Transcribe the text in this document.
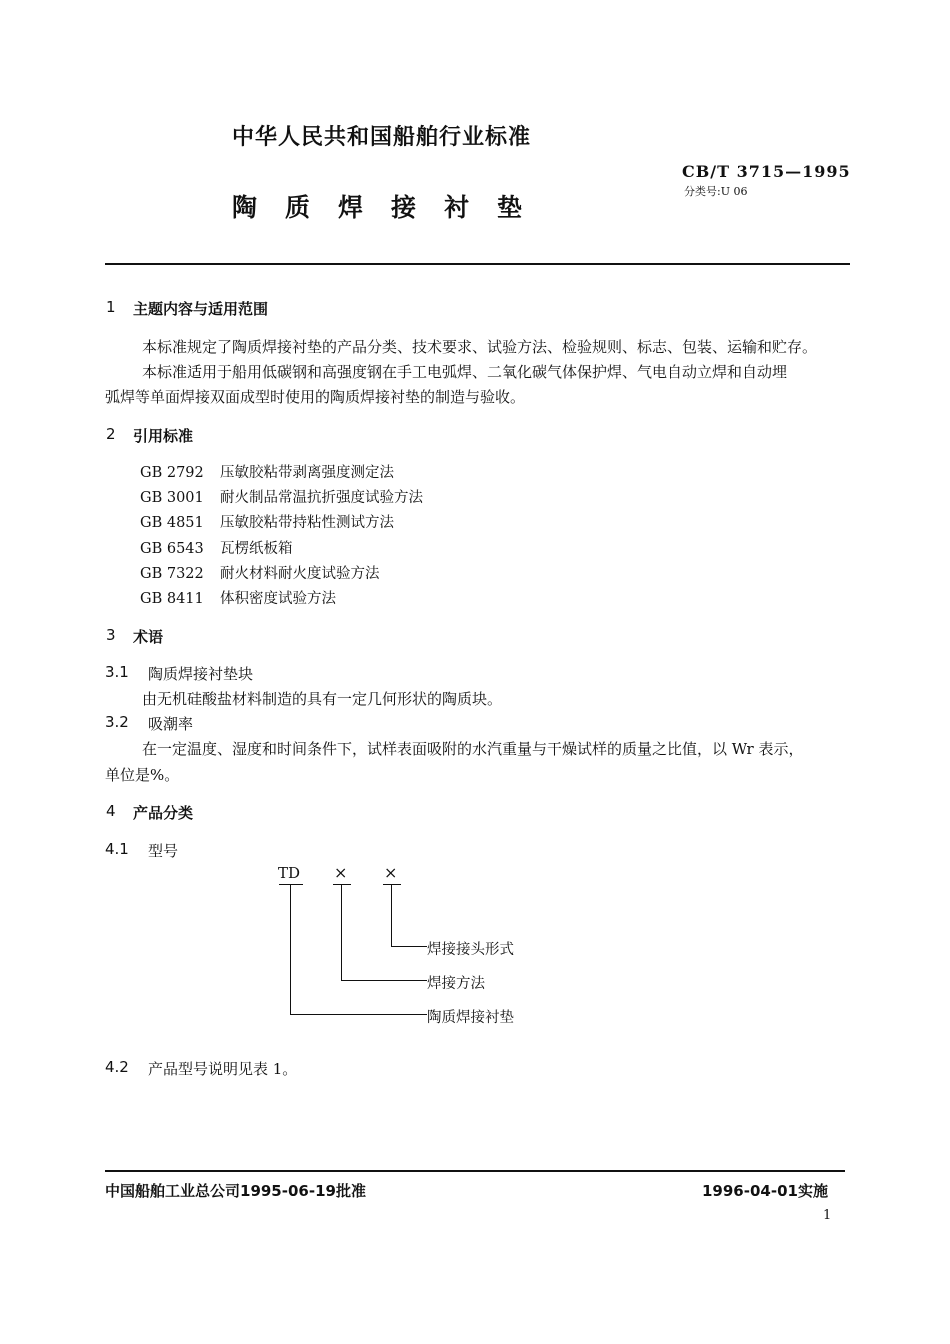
中华人民共和国船舶行业标准
CB/T 3715—1995
分类号:U 06
陶质焊接衬垫
1 主题内容与适用范围
本标准规定了陶质焊接衬垫的产品分类、技术要求、试验方法、检验规则、标志、包装、运输和贮存。
本标准适用于船用低碳钢和高强度钢在手工电弧焊、二氧化碳气体保护焊、气电自动立焊和自动埋
弧焊等单面焊接双面成型时使用的陶质焊接衬垫的制造与验收。
2 引用标准
GB 2792 压敏胶粘带剥离强度测定法
GB 3001 耐火制品常温抗折强度试验方法
GB 4851 压敏胶粘带持粘性测试方法
GB 6543 瓦楞纸板箱
GB 7322 耐火材料耐火度试验方法
GB 8411 体积密度试验方法
3 术语
3.1 陶质焊接衬垫块
由无机硅酸盐材料制造的具有一定几何形状的陶质块。
3.2 吸潮率
在一定温度、湿度和时间条件下，试样表面吸附的水汽重量与干燥试样的质量之比值，以 Wr 表示，
单位是%。
4 产品分类
4.1 型号
TD × ×
焊接接头形式
焊接方法
陶质焊接衬垫
4.2 产品型号说明见表 1。
中国船舶工业总公司1995-06-19批准	1996-04-01实施
1
